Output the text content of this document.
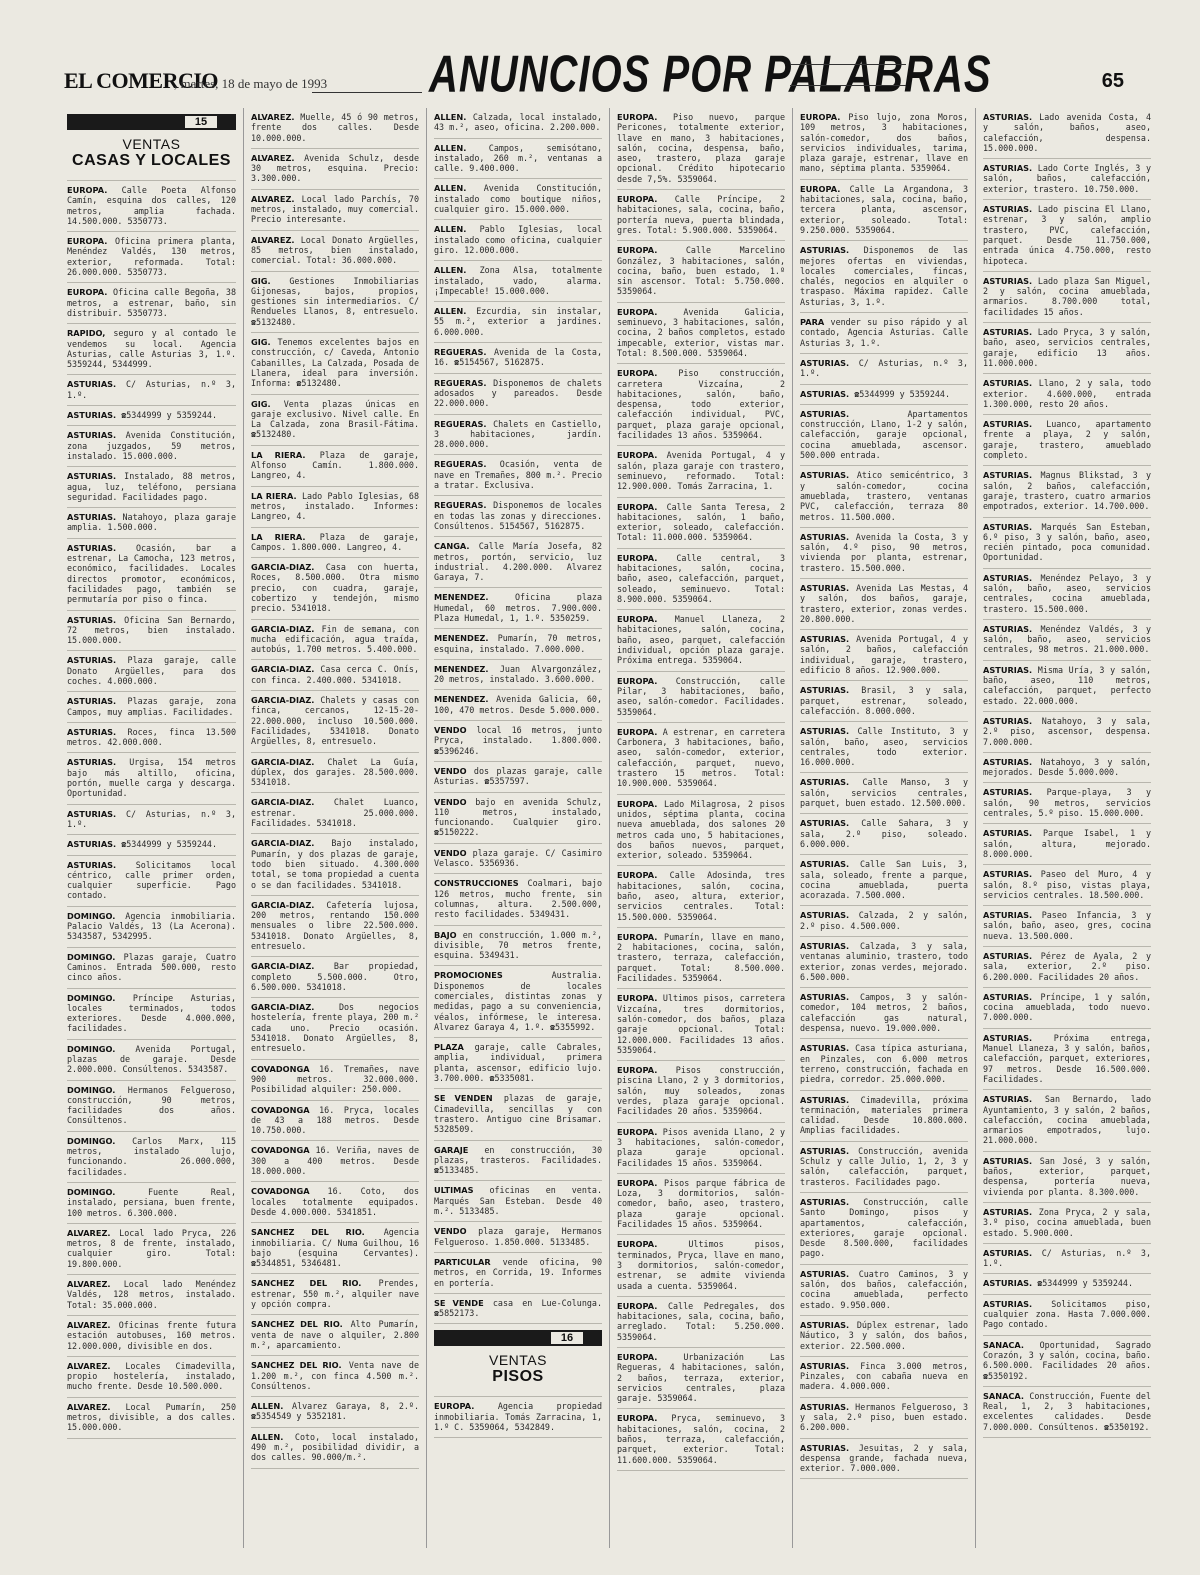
EL COMERCIO
, martes, 18 de mayo de 1993	ANUNCIOS POR PALABRAS	65
15
VENTAS
CASAS Y LOCALES
EUROPA. Calle Poeta Alfonso Camín, esquina dos calles, 120 metros, amplia fachada. 14.500.000. 5350773.
EUROPA. Oficina primera planta, Menéndez Valdés, 130 metros, exterior, reformada. Total: 26.000.000. 5350773.
EUROPA. Oficina calle Begoña, 38 metros, a estrenar, baño, sin distribuir. 5350773.
RAPIDO, seguro y al contado le vendemos su local. Agencia Asturias, calle Asturias 3, 1.º. 5359244, 5344999.
ASTURIAS. C/ Asturias, n.º 3, 1.º.
ASTURIAS. ☎5344999 y 5359244.
ASTURIAS. Avenida Constitución, zona juzgados, 59 metros, instalado. 15.000.000.
ASTURIAS. Instalado, 88 metros, agua, luz, teléfono, persiana seguridad. Facilidades pago.
ASTURIAS. Natahoyo, plaza garaje amplia. 1.500.000.
ASTURIAS. Ocasión, bar a estrenar, La Camocha, 123 metros, económico, facilidades. Locales directos promotor, económicos, facilidades pago, también se permutaría por piso o finca.
ASTURIAS. Oficina San Bernardo, 72 metros, bien instalado. 15.000.000.
ASTURIAS. Plaza garaje, calle Donato Argüelles, para dos coches. 4.000.000.
ASTURIAS. Plazas garaje, zona Campos, muy amplias. Facilidades.
ASTURIAS. Roces, finca 13.500 metros. 42.000.000.
ASTURIAS. Urgisa, 154 metros bajo más altillo, oficina, portón, muelle carga y descarga. Oportunidad.
ASTURIAS. C/ Asturias, n.º 3, 1.º.
ASTURIAS. ☎5344999 y 5359244.
ASTURIAS. Solicitamos local céntrico, calle primer orden, cualquier superficie. Pago contado.
DOMINGO. Agencia inmobiliaria. Palacio Valdés, 13 (La Acerona). 5343587, 5342995.
DOMINGO. Plazas garaje, Cuatro Caminos. Entrada 500.000, resto cinco años.
DOMINGO. Príncipe Asturias, locales terminados, todos exteriores. Desde 4.000.000, facilidades.
DOMINGO. Avenida Portugal, plazas de garaje. Desde 2.000.000. Consúltenos. 5343587.
DOMINGO. Hermanos Felgueroso, construcción, 90 metros, facilidades dos años. Consúltenos.
DOMINGO. Carlos Marx, 115 metros, instalado lujo, funcionando. 26.000.000, facilidades.
DOMINGO. Fuente Real, instalado, persiana, buen frente, 100 metros. 6.300.000.
ALVAREZ. Local lado Pryca, 226 metros, 8 de frente, instalado, cualquier giro. Total: 19.800.000.
ALVAREZ. Local lado Menéndez Valdés, 128 metros, instalado. Total: 35.000.000.
ALVAREZ. Oficinas frente futura estación autobuses, 160 metros. 12.000.000, divisible en dos.
ALVAREZ. Locales Cimadevilla, propio hostelería, instalado, mucho frente. Desde 10.500.000.
ALVAREZ. Local Pumarín, 250 metros, divisible, a dos calles. 15.000.000.
ALVAREZ. Muelle, 45 ó 90 metros, frente dos calles. Desde 10.000.000.
ALVAREZ. Avenida Schulz, desde 30 metros, esquina. Precio: 3.300.000.
ALVAREZ. Local lado Parchís, 70 metros, instalado, muy comercial. Precio interesante.
ALVAREZ. Local Donato Argüelles, 85 metros, bien instalado, comercial. Total: 36.000.000.
GIG. Gestiones Inmobiliarias Gijonesas, bajos, propios, gestiones sin intermediarios. C/ Rendueles Llanos, 8, entresuelo. ☎5132480.
GIG. Tenemos excelentes bajos en construcción, c/ Caveda, Antonio Cabanilles, La Calzada, Posada de Llanera, ideal para inversión. Informa: ☎5132480.
GIG. Venta plazas únicas en garaje exclusivo. Nivel calle. En La Calzada, zona Brasil-Fátima. ☎5132480.
LA RIERA. Plaza de garaje, Alfonso Camín. 1.800.000. Langreo, 4.
LA RIERA. Lado Pablo Iglesias, 68 metros, instalado. Informes: Langreo, 4.
LA RIERA. Plaza de garaje, Campos. 1.800.000. Langreo, 4.
GARCIA-DIAZ. Casa con huerta, Roces, 8.500.000. Otra mismo precio, con cuadra, garaje, cobertizo y tendejón, mismo precio. 5341018.
GARCIA-DIAZ. Fin de semana, con mucha edificación, agua traída, autobús, 1.700 metros. 5.400.000.
GARCIA-DIAZ. Casa cerca C. Onís, con finca. 2.400.000. 5341018.
GARCIA-DIAZ. Chalets y casas con finca, cercanos, 12-15-20-22.000.000, incluso 10.500.000. Facilidades, 5341018. Donato Argüelles, 8, entresuelo.
GARCIA-DIAZ. Chalet La Guía, dúplex, dos garajes. 28.500.000. 5341018.
GARCIA-DIAZ. Chalet Luanco, estrenar. 25.000.000. Facilidades. 5341018.
GARCIA-DIAZ. Bajo instalado, Pumarín, y dos plazas de garaje, todo bien situado. 4.300.000 total, se toma propiedad a cuenta o se dan facilidades. 5341018.
GARCIA-DIAZ. Cafetería lujosa, 200 metros, rentando 150.000 mensuales o libre 22.500.000. 5341018. Donato Argüelles, 8, entresuelo.
GARCIA-DIAZ. Bar propiedad, completo 5.500.000. Otro, 6.500.000. 5341018.
GARCIA-DIAZ. Dos negocios hostelería, frente playa, 200 m.² cada uno. Precio ocasión. 5341018. Donato Argüelles, 8, entresuelo.
COVADONGA 16. Tremañes, nave 900 metros. 32.000.000. Posibilidad alquiler: 250.000.
COVADONGA 16. Pryca, locales de 43 a 188 metros. Desde 10.750.000.
COVADONGA 16. Veriña, naves de 300 a 400 metros. Desde 18.000.000.
COVADONGA 16. Coto, dos locales totalmente equipados. Desde 4.000.000. 5341851.
SANCHEZ DEL RIO. Agencia inmobiliaria. C/ Numa Guilhou, 16 bajo (esquina Cervantes). ☎5344851, 5346481.
SANCHEZ DEL RIO. Prendes, estrenar, 550 m.², alquiler nave y opción compra.
SANCHEZ DEL RIO. Alto Pumarín, venta de nave o alquiler, 2.800 m.², aparcamiento.
SANCHEZ DEL RIO. Venta nave de 1.200 m.², con finca 4.500 m.². Consúltenos.
ALLEN. Alvarez Garaya, 8, 2.º. ☎5354549 y 5352181.
ALLEN. Coto, local instalado, 490 m.², posibilidad dividir, a dos calles. 90.000/m.².
ALLEN. Calzada, local instalado, 43 m.², aseo, oficina. 2.200.000.
ALLEN. Campos, semisótano, instalado, 260 m.², ventanas a calle. 9.400.000.
ALLEN. Avenida Constitución, instalado como boutique niños, cualquier giro. 15.000.000.
ALLEN. Pablo Iglesias, local instalado como oficina, cualquier giro. 12.000.000.
ALLEN. Zona Alsa, totalmente instalado, vado, alarma. ¡Impecable! 15.000.000.
ALLEN. Ezcurdia, sin instalar, 55 m.², exterior a jardines. 6.000.000.
REGUERAS. Avenida de la Costa, 16. ☎5154567, 5162875.
REGUERAS. Disponemos de chalets adosados y pareados. Desde 22.000.000.
REGUERAS. Chalets en Castiello, 3 habitaciones, jardín. 28.000.000.
REGUERAS. Ocasión, venta de nave en Tremañes, 800 m.². Precio a tratar. Exclusiva.
REGUERAS. Disponemos de locales en todas las zonas y direcciones. Consúltenos. 5154567, 5162875.
CANGA. Calle María Josefa, 82 metros, portón, servicio, luz industrial. 4.200.000. Alvarez Garaya, 7.
MENENDEZ. Oficina plaza Humedal, 60 metros. 7.900.000. Plaza Humedal, 1, 1.º. 5350259.
MENENDEZ. Pumarín, 70 metros, esquina, instalado. 7.000.000.
MENENDEZ. Juan Alvargonzález, 20 metros, instalado. 3.600.000.
MENENDEZ. Avenida Galicia, 60, 100, 470 metros. Desde 5.000.000.
VENDO local 16 metros, junto Pryca, instalado. 1.800.000. ☎5396246.
VENDO dos plazas garaje, calle Asturias. ☎5357597.
VENDO bajo en avenida Schulz, 110 metros, instalado, funcionando. Cualquier giro. ☎5150222.
VENDO plaza garaje. C/ Casimiro Velasco. 5356936.
CONSTRUCCIONES Coalmari, bajo 126 metros, mucho frente, sin columnas, altura. 2.500.000, resto facilidades. 5349431.
BAJO en construcción, 1.000 m.², divisible, 70 metros frente, esquina. 5349431.
PROMOCIONES Australia. Disponemos de locales comerciales, distintas zonas y medidas, pago a su conveniencia, véalos, infórmese, le interesa. Alvarez Garaya 4, 1.º. ☎5355992.
PLAZA garaje, calle Cabrales, amplia, individual, primera planta, ascensor, edificio lujo. 3.700.000. ☎5335081.
SE VENDEN plazas de garaje, Cimadevilla, sencillas y con trastero. Antiguo cine Brisamar. 5328509.
GARAJE en construcción, 30 plazas, trasteros. Facilidades. ☎5133485.
ULTIMAS oficinas en venta. Marqués San Esteban. Desde 40 m.². 5133485.
VENDO plaza garaje, Hermanos Felgueroso. 1.850.000. 5133485.
PARTICULAR vende oficina, 90 metros, en Corrida, 19. Informes en portería.
SE VENDE casa en Lue-Colunga. ☎5852173.
16
VENTAS
PISOS
EUROPA. Agencia propiedad inmobiliaria. Tomás Zarracina, 1, 1.º C. 5359064, 5342849.
EUROPA. Piso nuevo, parque Pericones, totalmente exterior, llave en mano, 3 habitaciones, salón, cocina, despensa, baño, aseo, trastero, plaza garaje opcional. Crédito hipotecario desde 7,5%. 5359064.
EUROPA. Calle Príncipe, 2 habitaciones, sala, cocina, baño, portería nueva, puerta blindada, gres. Total: 5.900.000. 5359064.
EUROPA. Calle Marcelino González, 3 habitaciones, salón, cocina, baño, buen estado, 1.º sin ascensor. Total: 5.750.000. 5359064.
EUROPA. Avenida Galicia, seminuevo, 3 habitaciones, salón, cocina, 2 baños completos, estado impecable, exterior, vistas mar. Total: 8.500.000. 5359064.
EUROPA. Piso construcción, carretera Vizcaína, 2 habitaciones, salón, baño, despensa, todo exterior, calefacción individual, PVC, parquet, plaza garaje opcional, facilidades 13 años. 5359064.
EUROPA. Avenida Portugal, 4 y salón, plaza garaje con trastero, seminuevo, reformado. Total: 12.900.000. Tomás Zarracina, 1.
EUROPA. Calle Santa Teresa, 2 habitaciones, salón, 1 baño, exterior, soleado, calefacción. Total: 11.000.000. 5359064.
EUROPA. Calle central, 3 habitaciones, salón, cocina, baño, aseo, calefacción, parquet, soleado, seminuevo. Total: 8.900.000. 5359064.
EUROPA. Manuel Llaneza, 2 habitaciones, salón, cocina, baño, aseo, parquet, calefacción individual, opción plaza garaje. Próxima entrega. 5359064.
EUROPA. Construcción, calle Pilar, 3 habitaciones, baño, aseo, salón-comedor. Facilidades. 5359064.
EUROPA. A estrenar, en carretera Carbonera, 3 habitaciones, baño, aseo, salón-comedor, exterior, calefacción, parquet, nuevo, trastero 15 metros. Total: 10.900.000. 5359064.
EUROPA. Lado Milagrosa, 2 pisos unidos, séptima planta, cocina nueva amueblada, dos salones 20 metros cada uno, 5 habitaciones, dos baños nuevos, parquet, exterior, soleado. 5359064.
EUROPA. Calle Adosinda, tres habitaciones, salón, cocina, baño, aseo, altura, exterior, servicios centrales. Total: 15.500.000. 5359064.
EUROPA. Pumarín, llave en mano, 2 habitaciones, cocina, salón, trastero, terraza, calefacción, parquet. Total: 8.500.000. Facilidades. 5359064.
EUROPA. Ultimos pisos, carretera Vizcaína, tres dormitorios, salón-comedor, dos baños, plaza garaje opcional. Total: 12.000.000. Facilidades 13 años. 5359064.
EUROPA. Pisos construcción, piscina Llano, 2 y 3 dormitorios, salón, muy soleados, zonas verdes, plaza garaje opcional. Facilidades 20 años. 5359064.
EUROPA. Pisos avenida Llano, 2 y 3 habitaciones, salón-comedor, plaza garaje opcional. Facilidades 15 años. 5359064.
EUROPA. Pisos parque fábrica de Loza, 3 dormitorios, salón-comedor, baño, aseo, trastero, plaza garaje opcional. Facilidades 15 años. 5359064.
EUROPA. Ultimos pisos, terminados, Pryca, llave en mano, 3 dormitorios, salón-comedor, estrenar, se admite vivienda usada a cuenta. 5359064.
EUROPA. Calle Pedregales, dos habitaciones, sala, cocina, baño, arreglado. Total: 5.250.000. 5359064.
EUROPA. Urbanización Las Regueras, 4 habitaciones, salón, 2 baños, terraza, exterior, servicios centrales, plaza garaje. 5359064.
EUROPA. Pryca, seminuevo, 3 habitaciones, salón, cocina, 2 baños, terraza, calefacción, parquet, exterior. Total: 11.600.000. 5359064.
EUROPA. Piso lujo, zona Moros, 109 metros, 3 habitaciones, salón-comedor, dos baños, servicios individuales, tarima, plaza garaje, estrenar, llave en mano, séptima planta. 5359064.
EUROPA. Calle La Argandona, 3 habitaciones, sala, cocina, baño, tercera planta, ascensor, exterior, soleado. Total: 9.250.000. 5359064.
ASTURIAS. Disponemos de las mejores ofertas en viviendas, locales comerciales, fincas, chalés, negocios en alquiler o traspaso. Máxima rapidez. Calle Asturias, 3, 1.º.
PARA vender su piso rápido y al contado, Agencia Asturias. Calle Asturias 3, 1.º.
ASTURIAS. C/ Asturias, n.º 3, 1.º.
ASTURIAS. ☎5344999 y 5359244.
ASTURIAS. Apartamentos construcción, Llano, 1-2 y salón, calefacción, garaje opcional, cocina amueblada, ascensor. 500.000 entrada.
ASTURIAS. Atico semicéntrico, 3 y salón-comedor, cocina amueblada, trastero, ventanas PVC, calefacción, terraza 80 metros. 11.500.000.
ASTURIAS. Avenida la Costa, 3 y salón, 4.º piso, 90 metros, vivienda por planta, estrenar, trastero. 15.500.000.
ASTURIAS. Avenida Las Mestas, 4 y salón, dos baños, garaje, trastero, exterior, zonas verdes. 20.800.000.
ASTURIAS. Avenida Portugal, 4 y salón, 2 baños, calefacción individual, garaje, trastero, edificio 8 años. 12.900.000.
ASTURIAS. Brasil, 3 y sala, parquet, estrenar, soleado, calefacción. 8.000.000.
ASTURIAS. Calle Instituto, 3 y salón, baño, aseo, servicios centrales, todo exterior. 16.000.000.
ASTURIAS. Calle Manso, 3 y salón, servicios centrales, parquet, buen estado. 12.500.000.
ASTURIAS. Calle Sahara, 3 y sala, 2.º piso, soleado. 6.000.000.
ASTURIAS. Calle San Luis, 3, sala, soleado, frente a parque, cocina amueblada, puerta acorazada. 7.500.000.
ASTURIAS. Calzada, 2 y salón, 2.º piso. 4.500.000.
ASTURIAS. Calzada, 3 y sala, ventanas aluminio, trastero, todo exterior, zonas verdes, mejorado. 6.500.000.
ASTURIAS. Campos, 3 y salón-comedor, 104 metros, 2 baños, calefacción gas natural, despensa, nuevo. 19.000.000.
ASTURIAS. Casa típica asturiana, en Pinzales, con 6.000 metros terreno, construcción, fachada en piedra, corredor. 25.000.000.
ASTURIAS. Cimadevilla, próxima terminación, materiales primera calidad. Desde 10.800.000. Amplias facilidades.
ASTURIAS. Construcción, avenida Schulz y calle Julio, 1, 2, 3 y salón, calefacción, parquet, trasteros. Facilidades pago.
ASTURIAS. Construcción, calle Santo Domingo, pisos y apartamentos, calefacción, exteriores, garaje opcional. Desde 8.500.000, facilidades pago.
ASTURIAS. Cuatro Caminos, 3 y salón, dos baños, calefacción, cocina amueblada, perfecto estado. 9.950.000.
ASTURIAS. Dúplex estrenar, lado Náutico, 3 y salón, dos baños, exterior. 22.500.000.
ASTURIAS. Finca 3.000 metros, Pinzales, con cabaña nueva en madera. 4.000.000.
ASTURIAS. Hermanos Felgueroso, 3 y sala, 2.º piso, buen estado. 6.200.000.
ASTURIAS. Jesuitas, 2 y sala, despensa grande, fachada nueva, exterior. 7.000.000.
ASTURIAS. Lado avenida Costa, 4 y salón, baños, aseo, calefacción, despensa. 15.000.000.
ASTURIAS. Lado Corte Inglés, 3 y salón, baños, calefacción, exterior, trastero. 10.750.000.
ASTURIAS. Lado piscina El Llano, estrenar, 3 y salón, amplio trastero, PVC, calefacción, parquet. Desde 11.750.000, entrada única 4.750.000, resto hipoteca.
ASTURIAS. Lado plaza San Miguel, 2 y salón, cocina amueblada, armarios. 8.700.000 total, facilidades 15 años.
ASTURIAS. Lado Pryca, 3 y salón, baño, aseo, servicios centrales, garaje, edificio 13 años. 11.000.000.
ASTURIAS. Llano, 2 y sala, todo exterior. 4.600.000, entrada 1.300.000, resto 20 años.
ASTURIAS. Luanco, apartamento frente a playa, 2 y salón, garaje, trastero, amueblado completo.
ASTURIAS. Magnus Blikstad, 3 y salón, 2 baños, calefacción, garaje, trastero, cuatro armarios empotrados, exterior. 14.700.000.
ASTURIAS. Marqués San Esteban, 6.º piso, 3 y salón, baño, aseo, recién pintado, poca comunidad. Oportunidad.
ASTURIAS. Menéndez Pelayo, 3 y salón, baño, aseo, servicios centrales, cocina amueblada, trastero. 15.500.000.
ASTURIAS. Menéndez Valdés, 3 y salón, baño, aseo, servicios centrales, 98 metros. 21.000.000.
ASTURIAS. Misma Uría, 3 y salón, baño, aseo, 110 metros, calefacción, parquet, perfecto estado. 22.000.000.
ASTURIAS. Natahoyo, 3 y sala, 2.º piso, ascensor, despensa. 7.000.000.
ASTURIAS. Natahoyo, 3 y salón, mejorados. Desde 5.000.000.
ASTURIAS. Parque-playa, 3 y salón, 90 metros, servicios centrales, 5.º piso. 15.000.000.
ASTURIAS. Parque Isabel, 1 y salón, altura, mejorado. 8.000.000.
ASTURIAS. Paseo del Muro, 4 y salón, 8.º piso, vistas playa, servicios centrales. 18.500.000.
ASTURIAS. Paseo Infancia, 3 y salón, baño, aseo, gres, cocina nueva. 13.500.000.
ASTURIAS. Pérez de Ayala, 2 y sala, exterior, 2.º piso. 6.200.000. Facilidades 20 años.
ASTURIAS. Príncipe, 1 y salón, cocina amueblada, todo nuevo. 7.000.000.
ASTURIAS. Próxima entrega, Manuel Llaneza, 3 y salón, baños, calefacción, parquet, exteriores, 97 metros. Desde 16.500.000. Facilidades.
ASTURIAS. San Bernardo, lado Ayuntamiento, 3 y salón, 2 baños, calefacción, cocina amueblada, armarios empotrados, lujo. 21.000.000.
ASTURIAS. San José, 3 y salón, baños, exterior, parquet, despensa, portería nueva, vivienda por planta. 8.300.000.
ASTURIAS. Zona Pryca, 2 y sala, 3.º piso, cocina amueblada, buen estado. 5.900.000.
ASTURIAS. C/ Asturias, n.º 3, 1.º.
ASTURIAS. ☎5344999 y 5359244.
ASTURIAS. Solicitamos piso, cualquier zona. Hasta 7.000.000. Pago contado.
SANACA. Oportunidad, Sagrado Corazón, 3 y salón, cocina, baño. 6.500.000. Facilidades 20 años. ☎5350192.
SANACA. Construcción, Fuente del Real, 1, 2, 3 habitaciones, excelentes calidades. Desde 7.000.000. Consúltenos. ☎5350192.
